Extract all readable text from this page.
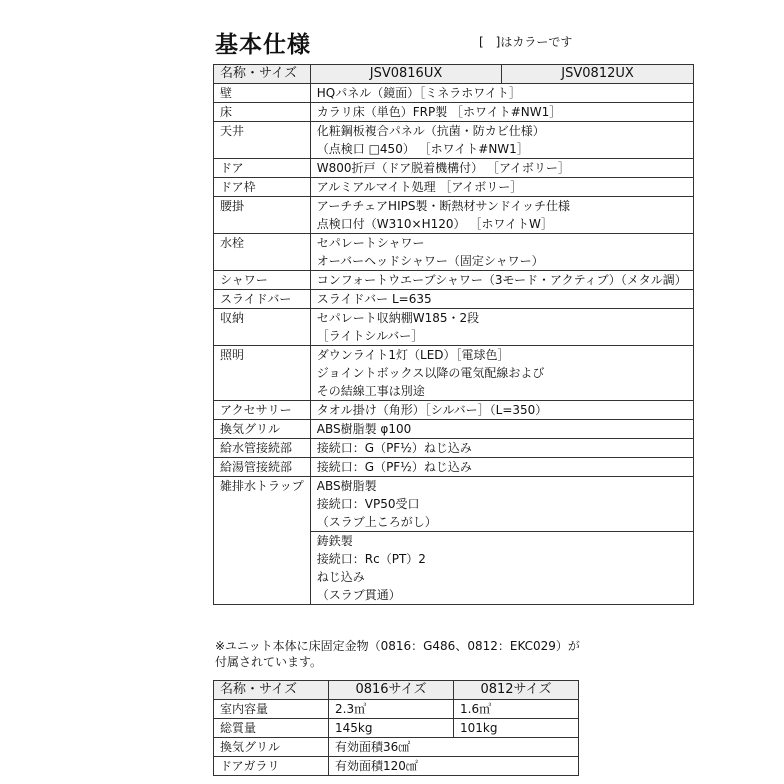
基本仕様	[　]はカラーです
名称・サイズ	JSV0816UX	JSV0812UX
壁	HQパネル（鏡面）［ミネラホワイト］	

床	カラリ床（単色）FRP製 ［ホワイト#NW1］	

天井	化粧鋼板複合パネル（抗菌・防カビ仕様）
（点検口 □450） ［ホワイト#NW1］	

ドア	W800折戸（ドア脱着機構付） ［アイボリー］	

ドア枠	アルミアルマイト処理 ［アイボリー］	

腰掛	アーチチェアHIPS製・断熱材サンドイッチ仕様
点検口付（W310×H120） ［ホワイトW］	

水栓	セパレートシャワー
オーバーヘッドシャワー（固定シャワー）	

シャワー	コンフォートウエーブシャワー（3モード・アクティブ）（メタル調）	

スライドバー	スライドバー L=635	

収納	セパレート収納棚W185・2段
［ライトシルバー］	

照明	ダウンライト1灯（LED）［電球色］
ジョイントボックス以降の電気配線および
その結線工事は別途	

アクセサリー	タオル掛け（角形）［シルバー］（L=350）	

換気グリル	ABS樹脂製 φ100	

給水管接続部	接続口：G（PF½）ねじ込み	

給湯管接続部	接続口：G（PF½）ねじ込み	

雑排水トラップ	ABS樹脂製
接続口：VP50受口
（スラブ上ころがし）	

	鋳鉄製
接続口：Rc（PT）2
ねじ込み
（スラブ貫通）	
※ユニット本体に床固定金物（0816：G486、0812：EKC029）が付属されています。
名称・サイズ	0816サイズ	0812サイズ
室内容量	2.3㎥	1.6㎥
総質量	145kg	101kg
換気グリル	有効面積36㎠	
ドアガラリ	有効面積120㎠	
